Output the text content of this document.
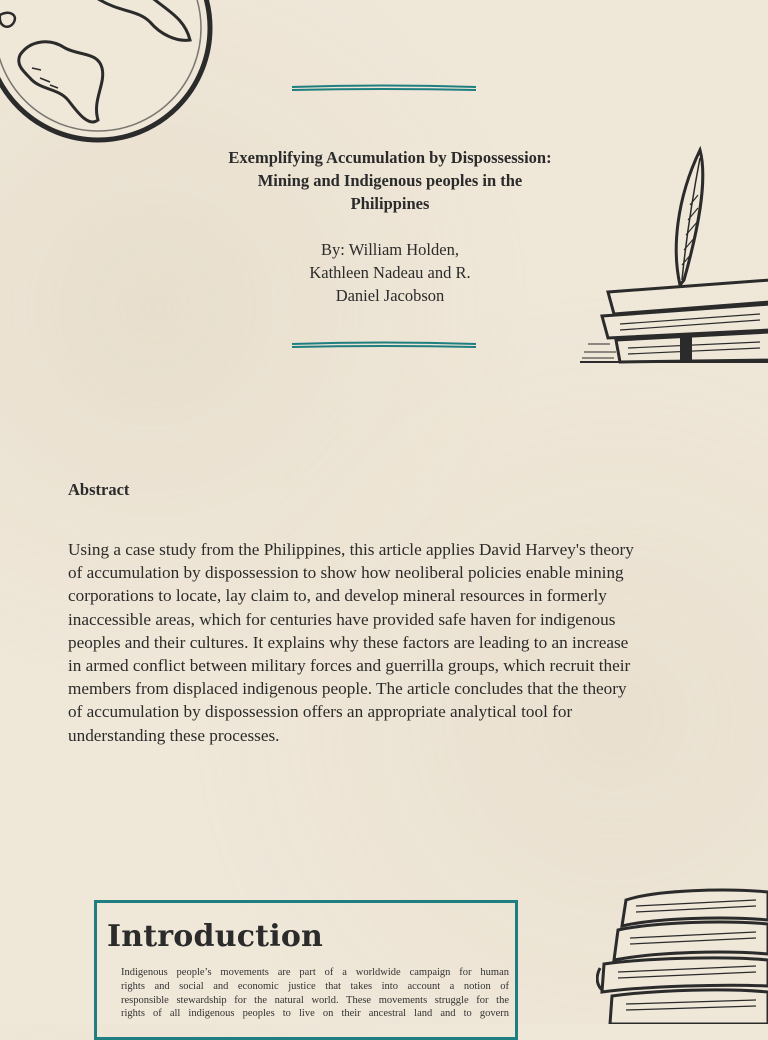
Exemplifying Accumulation by Dispossession:
Mining and Indigenous peoples in the
Philippines
By: William Holden,
Kathleen Nadeau and R.
Daniel Jacobson
Abstract
Using a case study from the Philippines, this article applies David Harvey's theory
of accumulation by dispossession to show how neoliberal policies enable mining
corporations to locate, lay claim to, and develop mineral resources in formerly
inaccessible areas, which for centuries have provided safe haven for indigenous
peoples and their cultures. It explains why these factors are leading to an increase
in armed conflict between military forces and guerrilla groups, which recruit their
members from displaced indigenous people. The article concludes that the theory
of accumulation by dispossession offers an appropriate analytical tool for
understanding these processes.
Introduction
Indigenous people’s movements are part of a worldwide campaign for human
rights and social and economic justice that takes into account a notion of
responsible stewardship for the natural world. These movements struggle for the
rights of all indigenous peoples to live on their ancestral land and to govern
